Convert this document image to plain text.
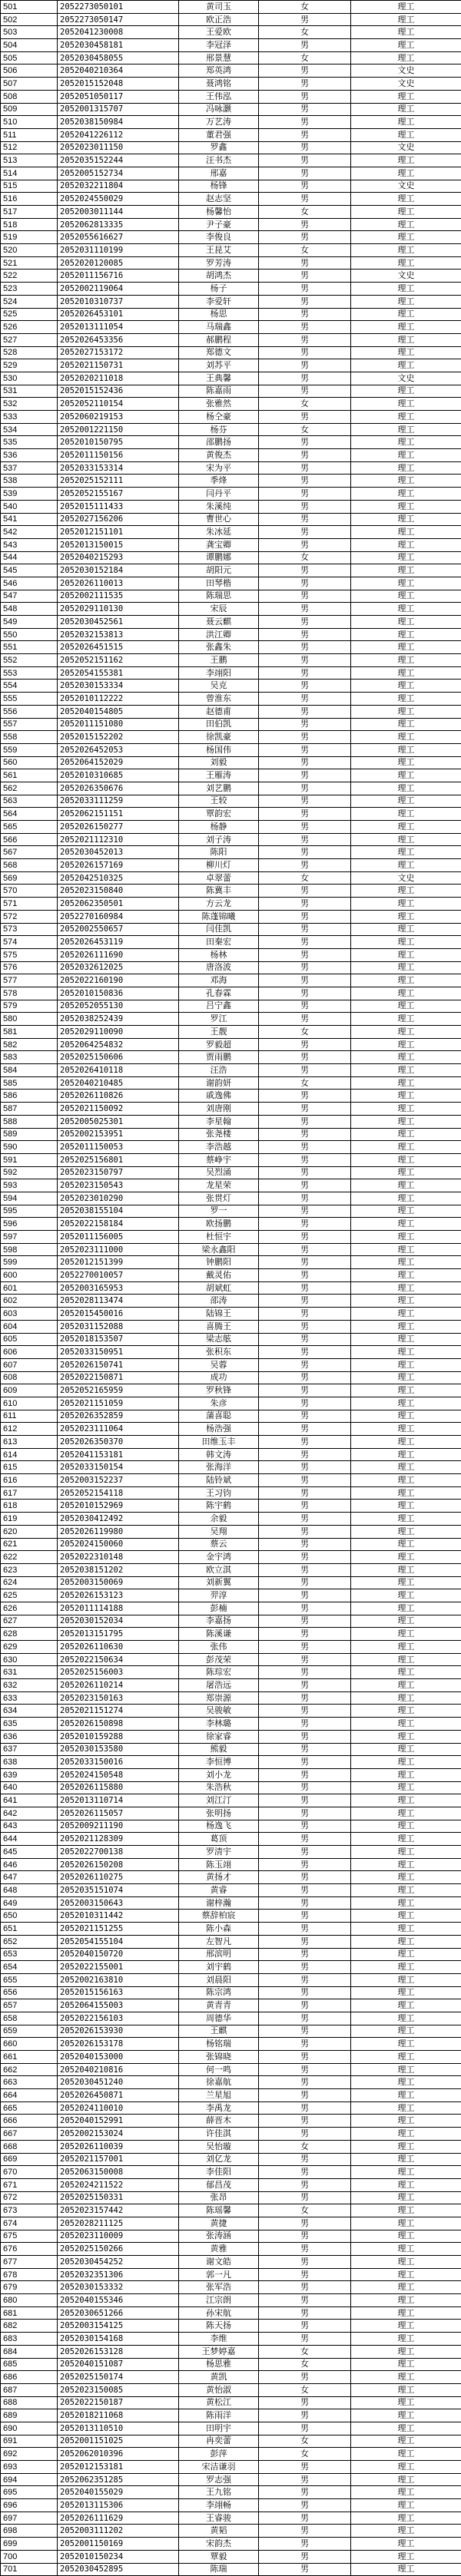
501	2052273050101	黄司玉	女	理工
502	2052273050147	欧正浩	男	理工
503	2052041230008	王爱欧	女	理工
504	2052030458181	李冠泽	男	理工
505	2052030458055	邢景慧	女	理工
506	2052040210364	郑英鸿	男	文史
507	2052015152048	聂鸿铭	男	文史
508	2052051050117	王伟泓	男	理工
509	2052001315707	冯咏灏	男	理工
510	2052038150984	万艺涛	男	理工
511	2052041226112	董君强	男	理工
512	2052023011150	罗鑫	男	文史
513	2052035152244	汪书杰	男	理工
514	2052005152734	邢嘉	男	理工
515	2052032211804	杨锋	男	文史
516	2052024550029	赵志坚	男	理工
517	2052003011144	杨馨怡	女	理工
518	2052062813335	尹子豪	男	理工
519	2052055616627	李俊良	男	理工
520	2052031110199	王昆艾	女	理工
521	2052020120085	罗芳涛	男	理工
522	2052011156716	胡鸿杰	男	文史
523	2052002119064	杨子	男	理工
524	2052010310737	李爱轩	男	理工
525	2052026453101	杨思	男	理工
526	2052013111054	马瑞鑫	男	理工
527	2052026453356	郝鹏程	男	理工
528	2052027153172	郑德文	男	理工
529	2052021150731	刘苏平	男	理工
530	2052020211018	王典馨	男	文史
531	2052015152436	陈嘉雨	男	理工
532	2052052110154	张雅然	女	理工
533	2052060219153	杨仝豪	男	理工
534	2052001221150	杨芬	女	理工
535	2052010150795	邵鹏扬	男	理工
536	2052011150156	黄俊杰	男	理工
537	2052033153314	宋为平	男	理工
538	2052025152111	季烽	男	理工
539	2052052155167	闫丹平	男	理工
540	2052015111433	朱溪纯	男	理工
541	2052027156206	曹世心	男	理工
542	2052012151101	朱冰延	男	理工
543	2052013150015	龚宝卿	男	理工
544	2052040215293	谭鹏娜	女	理工
545	2052030152184	胡阳元	男	理工
546	2052026110013	田琴楷	男	理工
547	2052002111535	陈瑞思	男	理工
548	2052029110130	宋辰	男	理工
549	2052030452561	聂云麒	男	理工
550	2052032153813	洪江卿	男	理工
551	2052026451515	张鑫朱	男	理工
552	2052052151162	王鹏	男	理工
553	2052054155381	李翊阳	男	理工
554	2052030153334	吴克	男	理工
555	2052010112222	曾淮东	男	理工
556	2052040154805	赵德甫	男	理工
557	2052011151080	田伯凯	男	理工
558	2052015152202	徐凯豪	男	理工
559	2052026452053	杨国伟	男	理工
560	2052064152029	刘毅	男	理工
561	2052010310685	王雁涛	男	理工
562	2052026350676	刘艺鹏	男	理工
563	2052033111259	王较	男	理工
564	2052062151151	覃韵宏	男	理工
565	2052026150277	杨静	男	理工
566	2052021112310	刘子涛	男	理工
567	2052030452013	陈阳	男	理工
568	2052026157169	柳川灯	男	理工
569	2052042510325	卓翠蕾	女	文史
570	2052023150840	陈冀丰	男	理工
571	2052062350501	方云龙	男	理工
572	2052270160984	陈蓬锦曦	男	理工
573	2052002550657	闫佳凯	男	理工
574	2052026453119	田秦宏	男	理工
575	2052026111690	杨林	男	理工
576	2052032612025	唐洛波	男	理工
577	2052022160190	邓海	男	理工
578	2052010150836	孔春霖	男	理工
579	2052052055130	吕宁鑫	男	理工
580	2052038252439	罗江	男	理工
581	2052029110090	王靓	女	理工
582	2052064254832	罗毅超	男	理工
583	2052025150606	贾雨鹏	男	理工
584	2052026410118	汪浩	男	理工
585	2052040210485	谢韵妍	女	理工
586	2052026110826	戚逸佛	男	理工
587	2052021150092	刘唐刚	男	理工
588	2052005025301	李星翰	男	理工
589	2052002153951	张尧楼	男	理工
590	2052011150053	李浩越	男	理工
591	2052025156801	蔡峥宇	男	理工
592	2052023150797	吴烈涌	男	理工
593	2052023150543	龙星荣	男	理工
594	2052023010290	张贯灯	男	理工
595	2052038155104	罗一	男	理工
596	2052022158184	欧扬鹏	男	理工
597	2052011156005	杜恒宇	男	理工
598	2052023111000	梁永鑫阳	男	理工
599	2052012151399	钟鹏阳	男	理工
600	2052270010057	戴灵佑	男	理工
601	2052003165953	胡斌虹	男	理工
602	2052028113474	邵涛	男	理工
603	2052015450016	陆锦王	男	理工
604	2052031152088	喜腾王	男	理工
605	2052018153507	梁志舷	男	理工
606	2052033150951	张积东	男	理工
607	2052026150741	吴蓉	男	理工
608	2052022150871	成功	男	理工
609	2052052165959	罗秋锋	男	理工
610	2052021151059	朱彦	男	理工
611	2052026352859	蒲喜聪	男	理工
612	2052023111064	杨浩强	男	理工
613	2052026350370	田维玉丰	男	理工
614	2052041153181	韩文涛	男	理工
615	2052033150154	张海洋	男	理工
616	2052003152237	陆铃斌	男	理工
617	2052052154118	王习钧	男	理工
618	2052010152969	陈宇鹤	男	理工
619	2052030412492	余毅	男	理工
620	2052026119980	吴翔	男	理工
621	2052024150060	蔡云	男	理工
622	2052022310148	金宇鸿	男	理工
623	2052038151202	欧立淇	男	理工
624	2052003150069	刘新翼	男	理工
625	2052026153123	羿淳	男	理工
626	2052011114188	彭楠	男	理工
627	2052030152034	李嘉扬	男	理工
628	2052013151795	陈溪谦	男	理工
629	2052026110630	张伟	男	理工
630	2052022150634	彭茂荣	男	理工
631	2052025156003	陈琮宏	男	理工
632	2052026110214	屠浩远	男	理工
633	2052023150163	郑崇源	男	理工
634	2052021151274	吴骏敏	男	理工
635	2052026150898	李林璐	男	理工
636	2052010159288	徐家睿	男	理工
637	2052030153580	熊毅	男	理工
638	2052033150016	李恒博	男	理工
639	2052024150548	刘小龙	男	理工
640	2052026115880	朱浩秋	男	理工
641	2052013110714	刘江汀	男	理工
642	2052026115057	张明扬	男	理工
643	2052009211190	杨逸飞	男	理工
644	2052021128309	葛顶	男	理工
645	2052022700138	罗清宇	男	理工
646	2052026150208	陈玉翊	男	理工
647	2052026110275	黄扬才	男	理工
648	2052035151074	黄睿	男	理工
649	2052003150643	谢梓瀚	男	理工
650	2052010311442	蔡辞柏宸	男	理工
651	2052021151255	陈小森	男	理工
652	2052054155104	左智凡	男	理工
653	2052040150720	邢滨明	男	理工
654	2052022155001	刘宇鹤	男	理工
655	2052002163810	刘晨阳	男	理工
656	2052015156163	陈宗鸿	男	理工
657	2052064155003	黄青青	男	理工
658	2052022156103	周德华	男	理工
659	2052026153930	王麒	男	理工
660	2052026153178	杨铭瑞	男	理工
661	2052040153000	张锦晓	男	理工
662	2052040210816	何一鸣	男	理工
663	2052030451240	徐嘉航	男	理工
664	2052026450871	兰星旭	男	理工
665	2052024110010	李禹龙	男	理工
666	2052040152991	薛晋木	男	理工
667	2052002153024	许佳淇	男	理工
668	2052026110039	吴怡璇	女	理工
669	2052021157001	刘亿龙	男	理工
670	2052063150008	李佳阳	男	理工
671	2052024211522	郁昌茂	男	理工
672	2052025150331	张昂	男	理工
673	2052023157442	陈瑶馨	女	理工
674	2052028211125	黄捷	男	理工
675	2052023110009	张涛涵	男	理工
676	2052025150266	黄雅	男	理工
677	2052030454252	谢文皓	男	理工
678	2052032351306	郭一凡	男	理工
679	2052030153332	张军浩	男	理工
680	2052040155346	江宗朗	男	理工
681	2052030651266	孙宋航	男	理工
682	2052003154125	陈天扬	男	理工
683	2052030154168	李维	男	理工
684	2052026153128	王梦婷嘉	女	理工
685	2052040151087	杨思雅	女	理工
686	2052025150174	黄凯	男	理工
687	2052023150085	黄怡淑	女	理工
688	2052022150187	黄松江	男	理工
689	2052018211068	陈雨洋	男	理工
690	2052013110510	田明宇	男	理工
691	2052001151025	冉奕蕾	女	理工
692	2052062010396	彭萍	女	理工
693	2052012153181	宋洁谦羽	男	理工
694	2052062351285	罗志强	男	理工
695	2052040155029	王九铭	男	理工
696	2052013115306	李翊畅	男	理工
697	2052026111629	王睿骏	男	理工
698	2052003111202	黄韬	男	理工
699	2052001150169	宋韵杰	男	理工
700	2052010150234	覃毅	男	理工
701	2052030452895	陈瑞	男	理工
